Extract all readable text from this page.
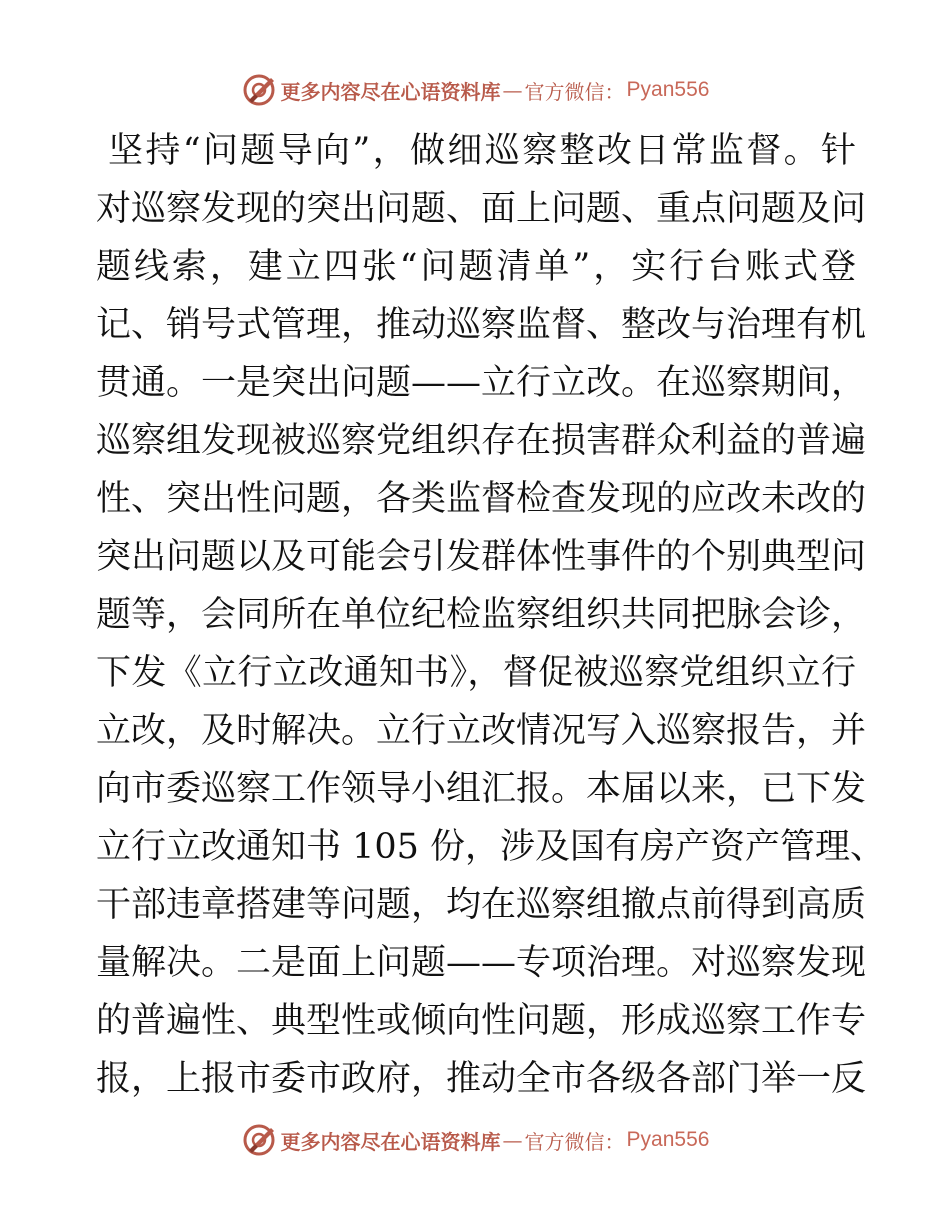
更多内容尽在心语资料库 — 官方微信： Pyan556
坚持“问题导向”，做细巡察整改日常监督。针
对巡察发现的突出问题、面上问题、重点问题及问
题线索，建立四张“问题清单”，实行台账式登
记、销号式管理，推动巡察监督、整改与治理有机
贯通。一是突出问题——立行立改。在巡察期间，
巡察组发现被巡察党组织存在损害群众利益的普遍
性、突出性问题，各类监督检查发现的应改未改的
突出问题以及可能会引发群体性事件的个别典型问
题等，会同所在单位纪检监察组织共同把脉会诊，
下发《立行立改通知书》，督促被巡察党组织立行
立改，及时解决。立行立改情况写入巡察报告，并
向市委巡察工作领导小组汇报。本届以来，已下发
立行立改通知书 105 份，涉及国有房产资产管理、
干部违章搭建等问题，均在巡察组撤点前得到高质
量解决。二是面上问题——专项治理。对巡察发现
的普遍性、典型性或倾向性问题，形成巡察工作专
报，上报市委市政府，推动全市各级各部门举一反
更多内容尽在心语资料库 — 官方微信： Pyan556
